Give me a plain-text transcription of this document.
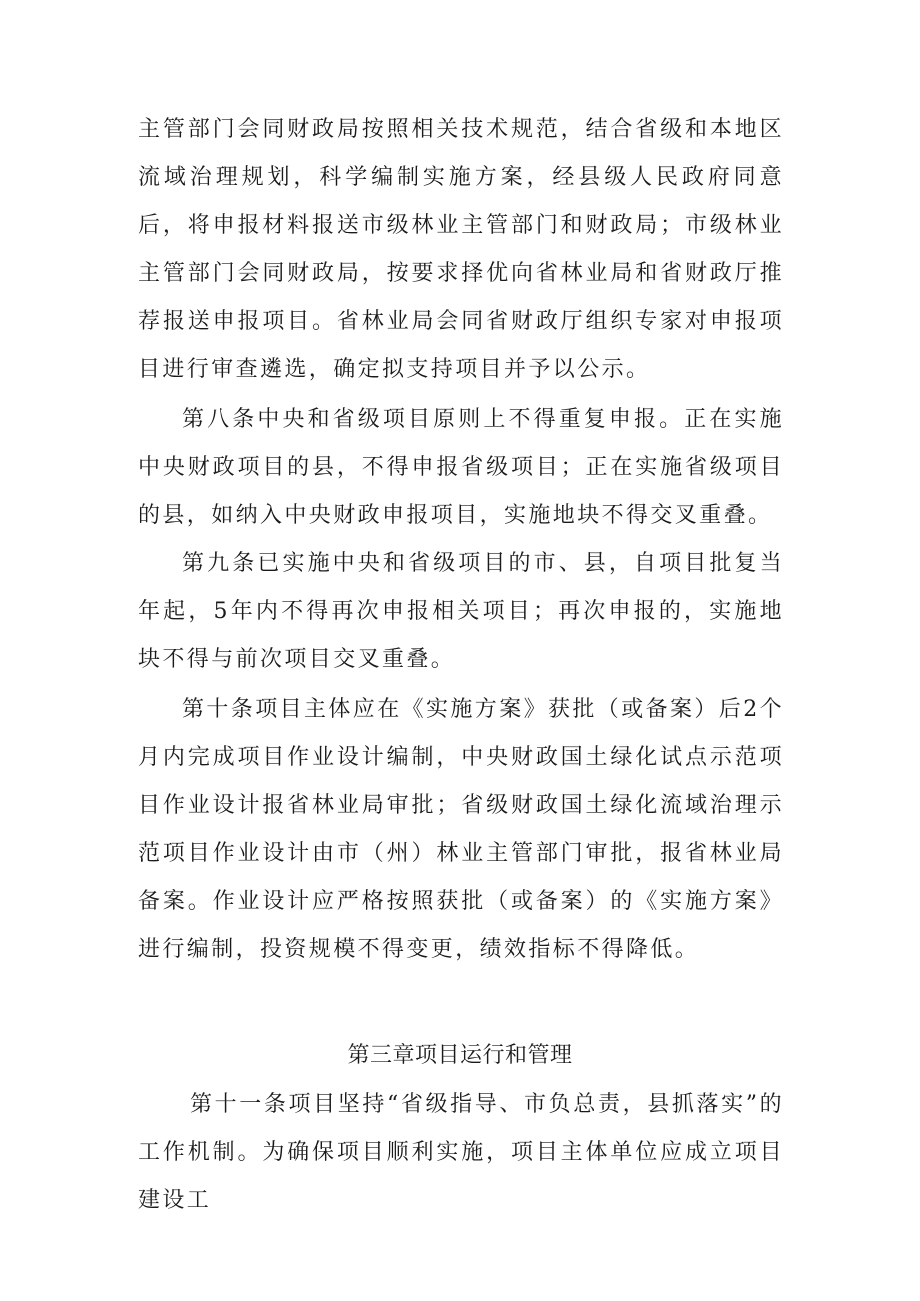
主管部门会同财政局按照相关技术规范，结合省级和本地区流域治理规划，科学编制实施方案，经县级人民政府同意后，将申报材料报送市级林业主管部门和财政局；市级林业主管部门会同财政局，按要求择优向省林业局和省财政厅推荐报送申报项目。省林业局会同省财政厅组织专家对申报项目进行审查遴选，确定拟支持项目并予以公示。

第八条中央和省级项目原则上不得重复申报。正在实施中央财政项目的县，不得申报省级项目；正在实施省级项目的县，如纳入中央财政申报项目，实施地块不得交叉重叠。

第九条已实施中央和省级项目的市、县，自项目批复当年起，5年内不得再次申报相关项目；再次申报的，实施地块不得与前次项目交叉重叠。

第十条项目主体应在《实施方案》获批（或备案）后2个月内完成项目作业设计编制，中央财政国土绿化试点示范项目作业设计报省林业局审批；省级财政国土绿化流域治理示范项目作业设计由市（州）林业主管部门审批，报省林业局备案。作业设计应严格按照获批（或备案）的《实施方案》进行编制，投资规模不得变更，绩效指标不得降低。

第三章项目运行和管理

第十一条项目坚持“省级指导、市负总责，县抓落实”的工作机制。为确保项目顺利实施，项目主体单位应成立项目建设工
